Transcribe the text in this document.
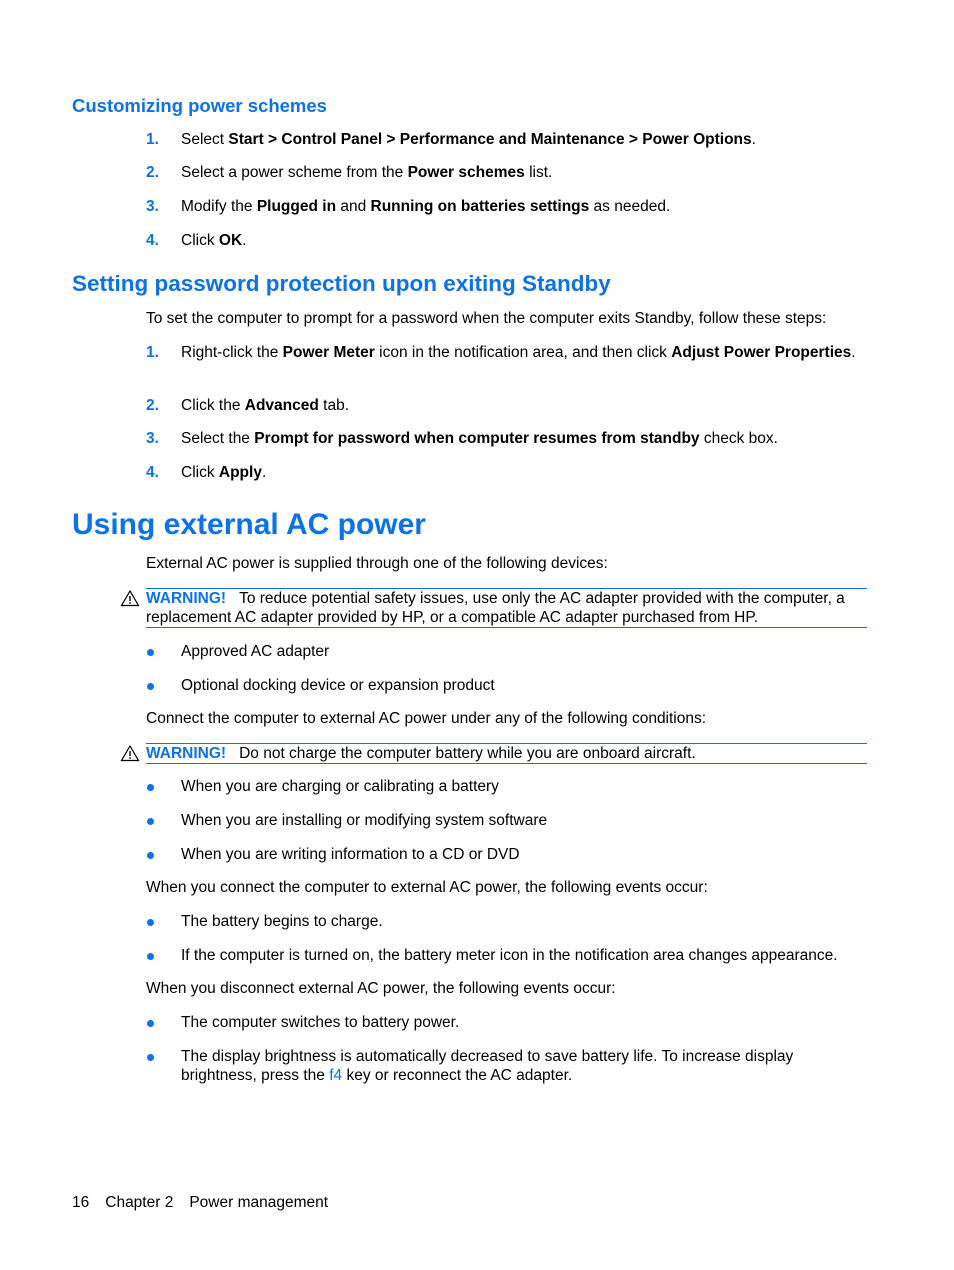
Customizing power schemes
1.	Select Start > Control Panel > Performance and Maintenance > Power Options.
2.	Select a power scheme from the Power schemes list.
3.	Modify the Plugged in and Running on batteries settings as needed.
4.	Click OK.
Setting password protection upon exiting Standby
To set the computer to prompt for a password when the computer exits Standby, follow these steps:
1.	Right-click the Power Meter icon in the notification area, and then click Adjust Power Properties.
2.	Click the Advanced tab.
3.	Select the Prompt for password when computer resumes from standby check box.
4.	Click Apply.
Using external AC power
External AC power is supplied through one of the following devices:
WARNING! To reduce potential safety issues, use only the AC adapter provided with the computer, a replacement AC adapter provided by HP, or a compatible AC adapter purchased from HP.
Approved AC adapter
Optional docking device or expansion product
Connect the computer to external AC power under any of the following conditions:
WARNING! Do not charge the computer battery while you are onboard aircraft.
When you are charging or calibrating a battery
When you are installing or modifying system software
When you are writing information to a CD or DVD
When you connect the computer to external AC power, the following events occur:
The battery begins to charge.
If the computer is turned on, the battery meter icon in the notification area changes appearance.
When you disconnect external AC power, the following events occur:
The computer switches to battery power.
The display brightness is automatically decreased to save battery life. To increase display brightness, press the f4 key or reconnect the AC adapter.
16 Chapter 2 Power management
